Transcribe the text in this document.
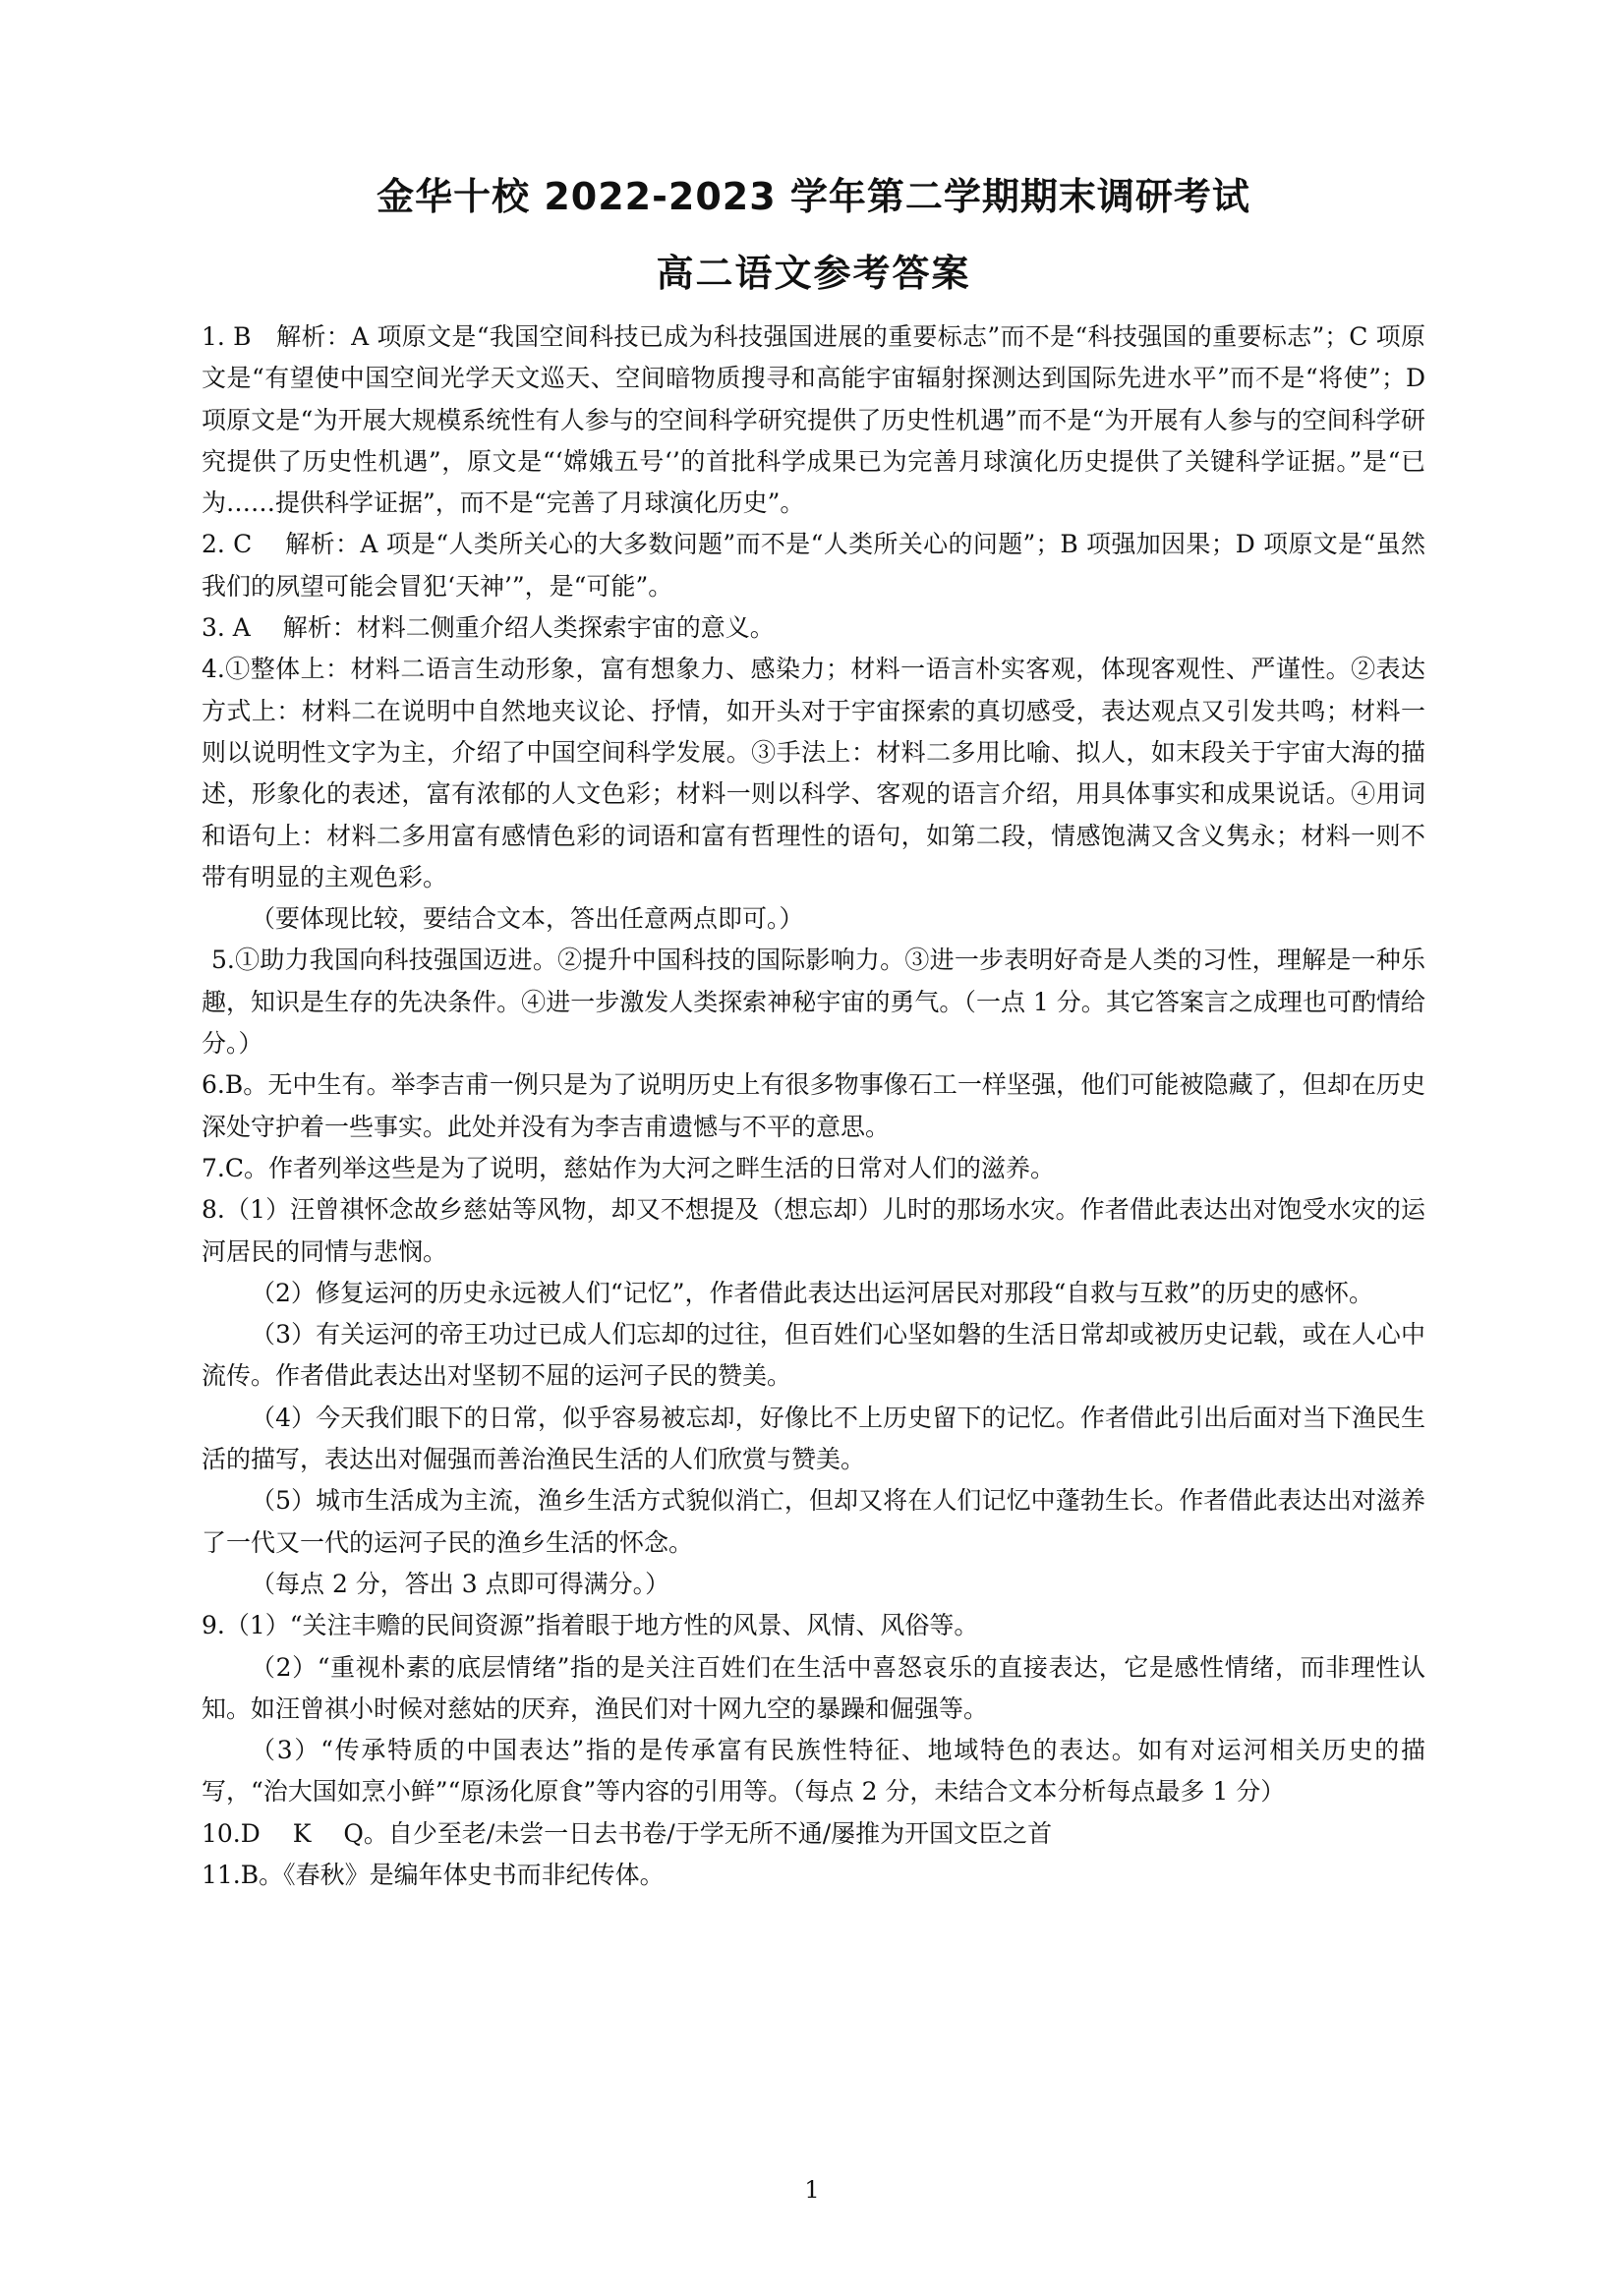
金华十校 2022-2023 学年第二学期期末调研考试
高二语文参考答案

1. B　解析：A 项原文是“我国空间科技已成为科技强国进展的重要标志”而不是“科技强国的重要标志”；C 项原文是“有望使中国空间光学天文巡天、空间暗物质搜寻和高能宇宙辐射探测达到国际先进水平”而不是“将使”；D 项原文是“为开展大规模系统性有人参与的空间科学研究提供了历史性机遇”而不是“为开展有人参与的空间科学研究提供了历史性机遇”，原文是“‘嫦娥五号‘’的首批科学成果已为完善月球演化历史提供了关键科学证据。”是“已为……提供科学证据”，而不是“完善了月球演化历史”。

2. C　 解析：A 项是“人类所关心的大多数问题”而不是“人类所关心的问题”；B 项强加因果；D 项原文是“虽然我们的夙望可能会冒犯‘天神’”，是“可能”。

3. A　 解析：材料二侧重介绍人类探索宇宙的意义。

4.①整体上：材料二语言生动形象，富有想象力、感染力；材料一语言朴实客观，体现客观性、严谨性。②表达方式上：材料二在说明中自然地夹议论、抒情，如开头对于宇宙探索的真切感受，表达观点又引发共鸣；材料一则以说明性文字为主，介绍了中国空间科学发展。③手法上：材料二多用比喻、拟人，如末段关于宇宙大海的描述，形象化的表述，富有浓郁的人文色彩；材料一则以科学、客观的语言介绍，用具体事实和成果说话。④用词和语句上：材料二多用富有感情色彩的词语和富有哲理性的语句，如第二段，情感饱满又含义隽永；材料一则不带有明显的主观色彩。

（要体现比较，要结合文本，答出任意两点即可。）

5.①助力我国向科技强国迈进。②提升中国科技的国际影响力。③进一步表明好奇是人类的习性，理解是一种乐趣，知识是生存的先决条件。④进一步激发人类探索神秘宇宙的勇气。（一点 1 分。其它答案言之成理也可酌情给分。）

6.B。无中生有。举李吉甫一例只是为了说明历史上有很多物事像石工一样坚强，他们可能被隐藏了，但却在历史深处守护着一些事实。此处并没有为李吉甫遗憾与不平的意思。

7.C。作者列举这些是为了说明，慈姑作为大河之畔生活的日常对人们的滋养。

8.（1）汪曾祺怀念故乡慈姑等风物，却又不想提及（想忘却）儿时的那场水灾。作者借此表达出对饱受水灾的运河居民的同情与悲悯。

（2）修复运河的历史永远被人们“记忆”，作者借此表达出运河居民对那段“自救与互救”的历史的感怀。

（3）有关运河的帝王功过已成人们忘却的过往，但百姓们心坚如磐的生活日常却或被历史记载，或在人心中流传。作者借此表达出对坚韧不屈的运河子民的赞美。

（4）今天我们眼下的日常，似乎容易被忘却，好像比不上历史留下的记忆。作者借此引出后面对当下渔民生活的描写，表达出对倔强而善治渔民生活的人们欣赏与赞美。

（5）城市生活成为主流，渔乡生活方式貌似消亡，但却又将在人们记忆中蓬勃生长。作者借此表达出对滋养了一代又一代的运河子民的渔乡生活的怀念。

（每点 2 分，答出 3 点即可得满分。）

9.（1）“关注丰赡的民间资源”指着眼于地方性的风景、风情、风俗等。

（2）“重视朴素的底层情绪”指的是关注百姓们在生活中喜怒哀乐的直接表达，它是感性情绪，而非理性认知。如汪曾祺小时候对慈姑的厌弃，渔民们对十网九空的暴躁和倔强等。

（3）“传承特质的中国表达”指的是传承富有民族性特征、地域特色的表达。如有对运河相关历史的描写，“治大国如烹小鲜”“原汤化原食”等内容的引用等。（每点 2 分，未结合文本分析每点最多 1 分）

10.D　 K　 Q。自少至老/未尝一日去书卷/于学无所不通/屡推为开国文臣之首

11.B。《春秋》是编年体史书而非纪传体。

1
